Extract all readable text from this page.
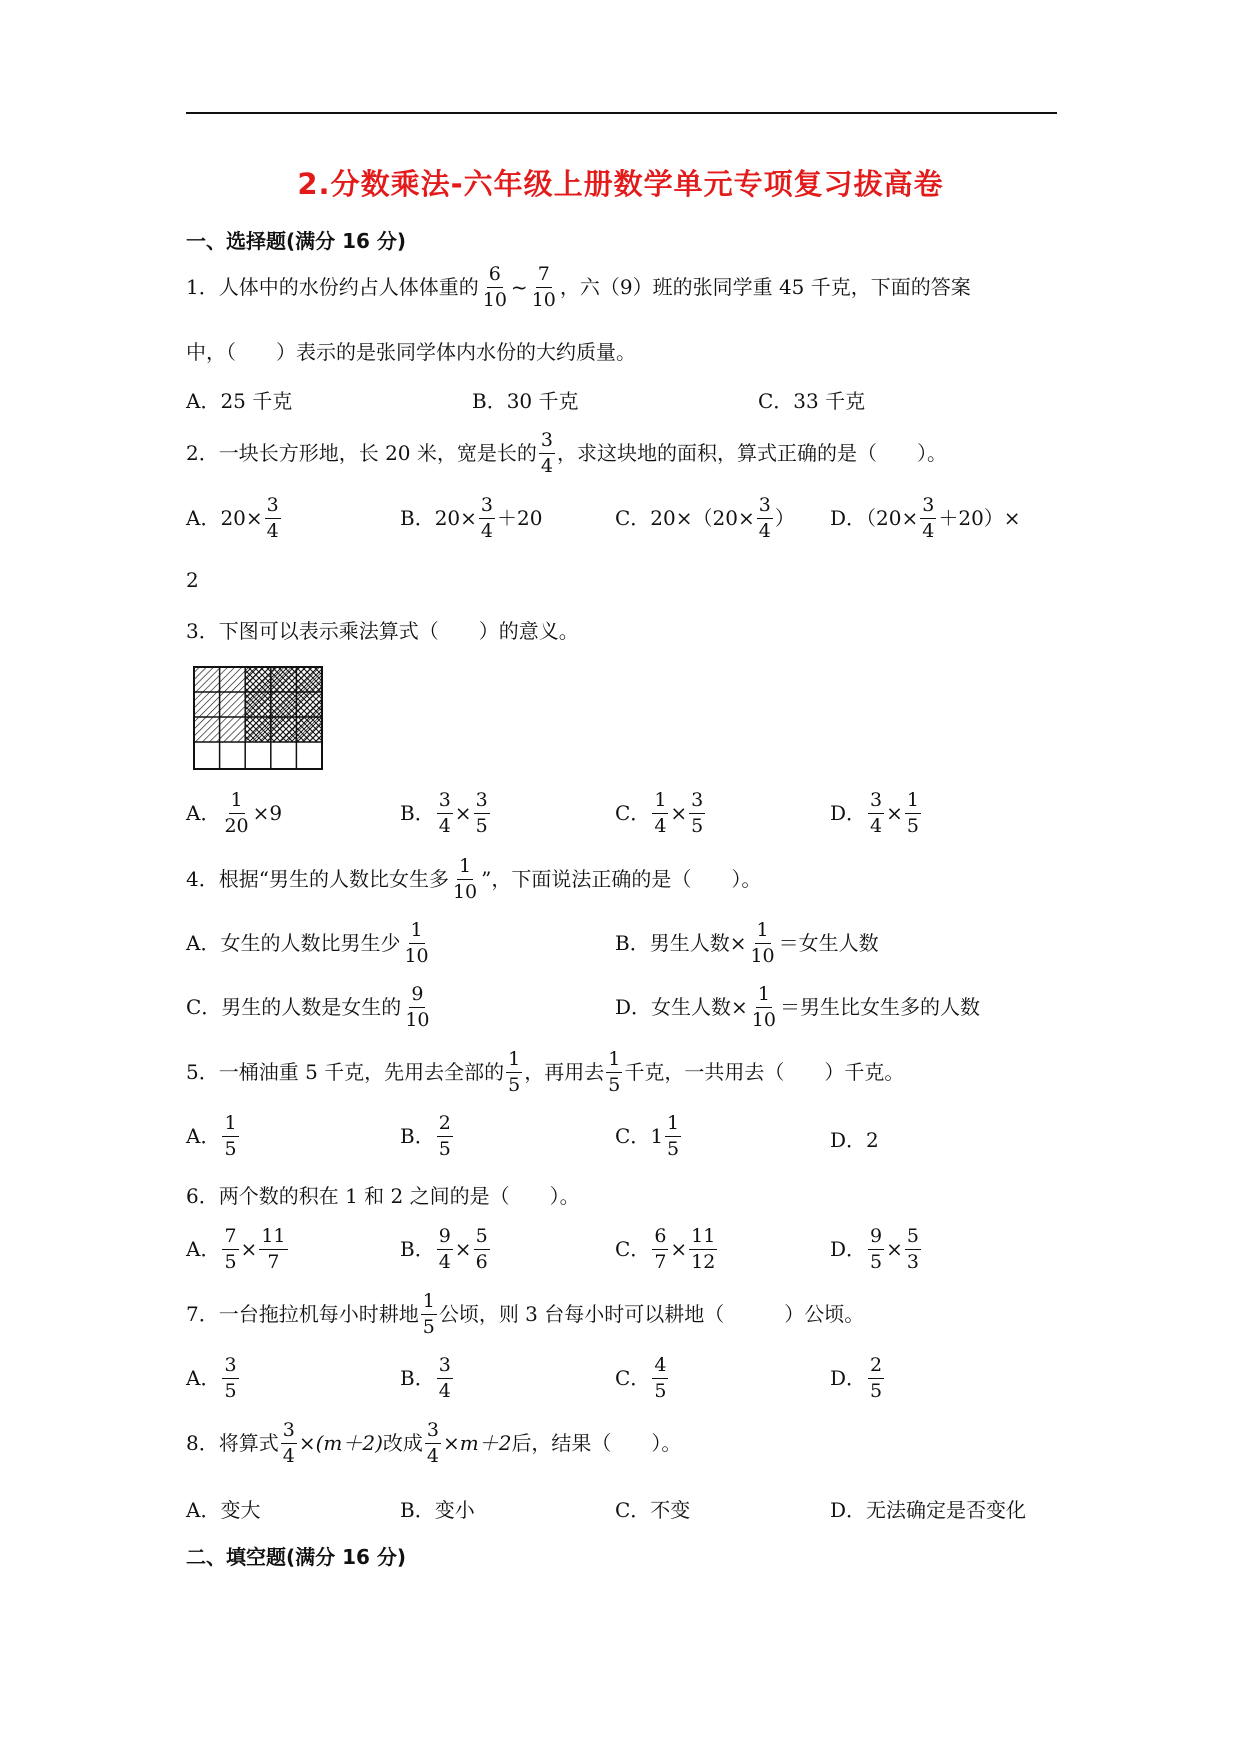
2.分数乘法-六年级上册数学单元专项复习拔高卷
一、选择题(满分 16 分)
1．人体中的水份约占人体体重的 $\frac{6}{10}$ ~ $\frac{7}{10}$ ，六（9）班的张同学重 45 千克，下面的答案
中，（　　）表示的是张同学体内水份的大约质量。
A．25 千克	B．30 千克	C．33 千克
2．一块长方形地，长 20 米，宽是长的 $\frac{3}{4}$ ，求这块地的面积，算式正确的是（　　）。
A．$20\times \frac{3}{4}$	B．$20\times \frac{3}{4} +20$	C．$20\times(20\times \frac{3}{4}$ ） D．$(20\times \frac{3}{4} +20)\times$
2
3．下图可以表示乘法算式（　　）的意义。
A． $\frac{1}{20} \times 9$	B． $\frac{3}{4} \times \frac{3}{5}$	C． $\frac{1}{4} \times \frac{3}{5}$	D． $\frac{3}{4} \times \frac{1}{5}$
4．根据“男生的人数比女生多 $\frac{1}{10}$ ”，下面说法正确的是（　　）。
A．女生的人数比男生少 $\frac{1}{10}$	B．男生人数× $\frac{1}{10}$ ＝女生人数
C．男生的人数是女生的 $\frac{9}{10}$	D．女生人数× $\frac{1}{10}$ ＝男生比女生多的人数
5．一桶油重 5 千克，先用去全部的 $\frac{1}{5}$ ，再用去 $\frac{1}{5}$ 千克，一共用去（　　）千克。
A． $\frac{1}{5}$	B． $\frac{2}{5}$	C．$1 \frac{1}{5}$	D．2
6．两个数的积在 1 和 2 之间的是（　　）。
A． $\frac{7}{5} \times \frac{11}{7}$	B． $\frac{9}{4} \times \frac{5}{6}$	C． $\frac{6}{7} \times \frac{11}{12}$	D． $\frac{9}{5} \times \frac{5}{3}$
7．一台拖拉机每小时耕地 $\frac{1}{5}$ 公顷，则 3 台每小时可以耕地（　　　）公顷。
A． $\frac{3}{5}$	B． $\frac{3}{4}$	C． $\frac{4}{5}$	D． $\frac{2}{5}$
8．将算式 $\frac{3}{4} \times(m+2)$改成 $\frac{3}{4} \times m+2$后，结果（　　）。
A．变大	B．变小	C．不变	D．无法确定是否变化
二、填空题(满分 16 分)
